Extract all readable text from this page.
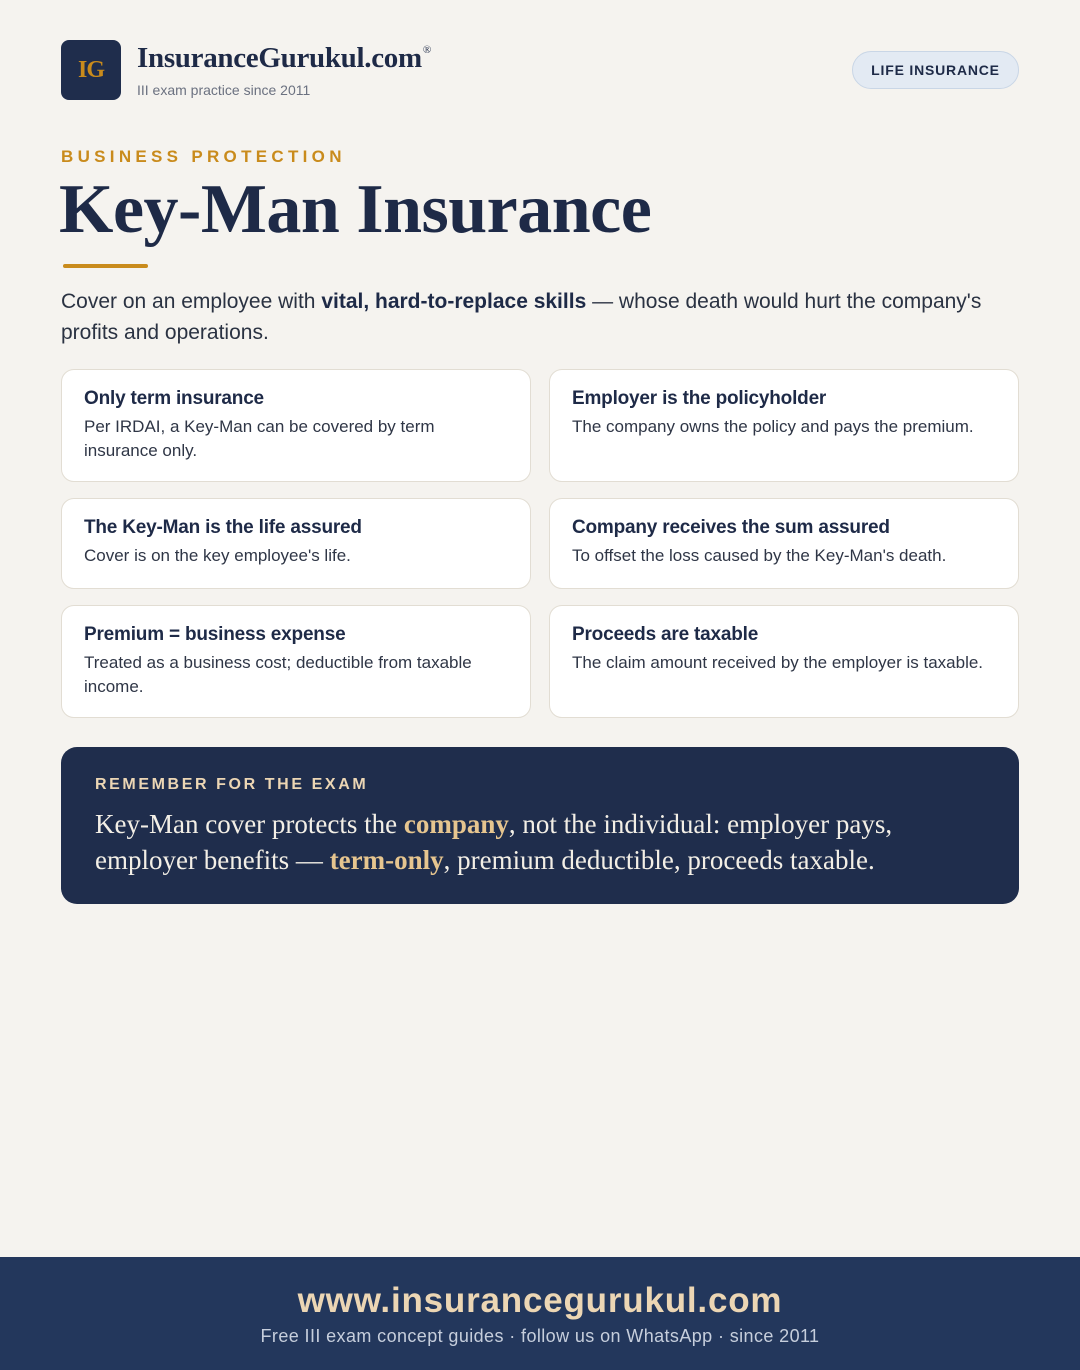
IG	InsuranceGurukul.com®
III exam practice since 2011
LIFE INSURANCE
BUSINESS PROTECTION
Key-Man Insurance
Cover on an employee with vital, hard-to-replace skills — whose death would hurt the company's profits and operations.
Only term insurance
Per IRDAI, a Key-Man can be covered by term insurance only.
Employer is the policyholder
The company owns the policy and pays the premium.
The Key-Man is the life assured
Cover is on the key employee's life.
Company receives the sum assured
To offset the loss caused by the Key-Man's death.
Premium = business expense
Treated as a business cost; deductible from taxable income.
Proceeds are taxable
The claim amount received by the employer is taxable.
REMEMBER FOR THE EXAM
Key-Man cover protects the company, not the individual: employer pays, employer benefits — term-only, premium deductible, proceeds taxable.
www.insurancegurukul.com
Free III exam concept guides · follow us on WhatsApp · since 2011
